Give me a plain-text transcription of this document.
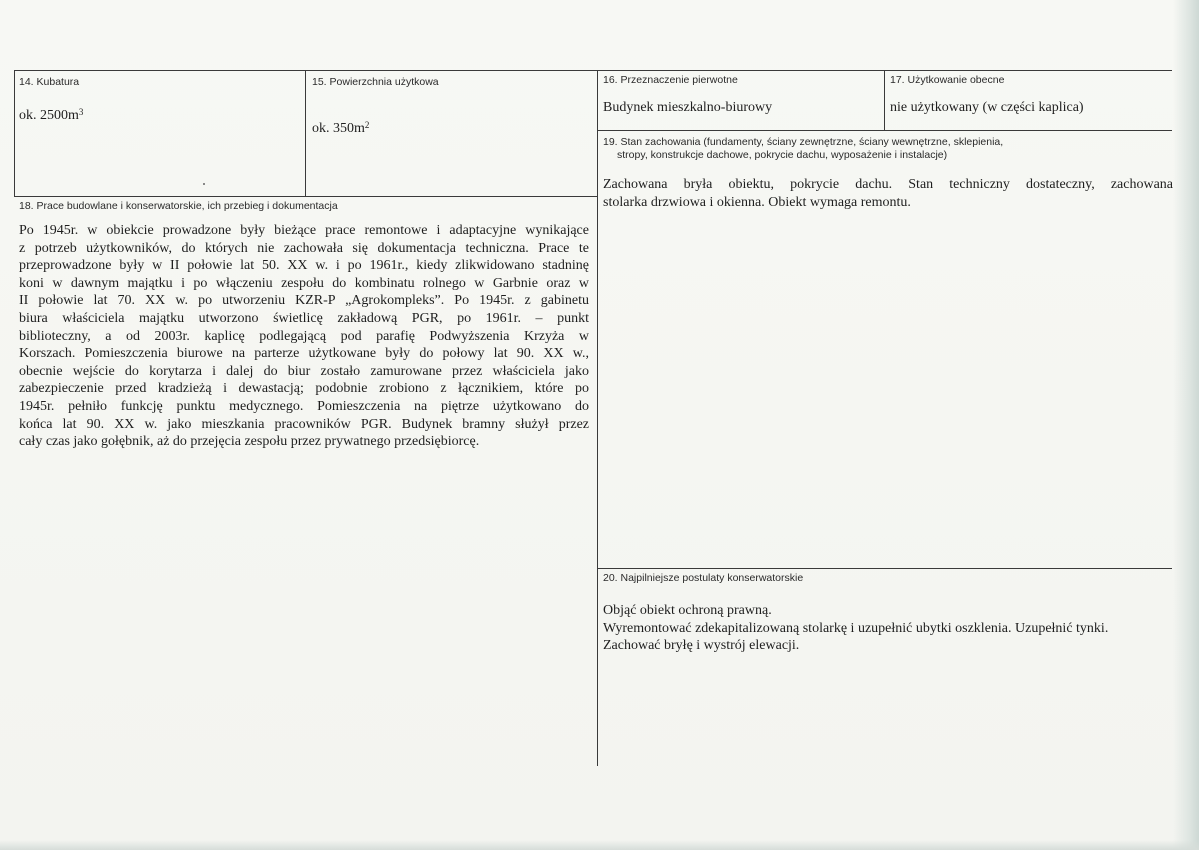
14. Kubatura
ok. $2500m^3$
15. Powierzchnia użytkowa
ok. $350m^2$
16. Przeznaczenie pierwotne
Budynek mieszkalno-biurowy
17. Użytkowanie obecne
nie użytkowany (w części kaplica)
19. Stan zachowania (fundamenty, ściany zewnętrzne, ściany wewnętrzne, sklepienia,
stropy, konstrukcje dachowe, pokrycie dachu, wyposażenie i instalacje)
Zachowana bryła obiektu, pokrycie dachu. Stan techniczny dostateczny, zachowana
stolarka drzwiowa i okienna. Obiekt wymaga remontu.
18. Prace budowlane i konserwatorskie, ich przebieg i dokumentacja
Po 1945r. w obiekcie prowadzone były bieżące prace remontowe i adaptacyjne wynikające
z potrzeb użytkowników, do których nie zachowała się dokumentacja techniczna. Prace te
przeprowadzone były w II połowie lat 50. XX w. i po 1961r., kiedy zlikwidowano stadninę
koni w dawnym majątku i po włączeniu zespołu do kombinatu rolnego w Garbnie oraz w
II połowie lat 70. XX w. po utworzeniu KZR-P „Agrokompleks”. Po 1945r. z gabinetu
biura właściciela majątku utworzono świetlicę zakładową PGR, po 1961r. – punkt
biblioteczny, a od 2003r. kaplicę podlegającą pod parafię Podwyższenia Krzyża w
Korszach. Pomieszczenia biurowe na parterze użytkowane były do połowy lat 90. XX w.,
obecnie wejście do korytarza i dalej do biur zostało zamurowane przez właściciela jako
zabezpieczenie przed kradzieżą i dewastacją; podobnie zrobiono z łącznikiem, które po
1945r. pełniło funkcję punktu medycznego. Pomieszczenia na piętrze użytkowano do
końca lat 90. XX w. jako mieszkania pracowników PGR. Budynek bramny służył przez
cały czas jako gołębnik, aż do przejęcia zespołu przez prywatnego przedsiębiorcę.
20. Najpilniejsze postulaty konserwatorskie
Objąć obiekt ochroną prawną.
Wyremontować zdekapitalizowaną stolarkę i uzupełnić ubytki oszklenia. Uzupełnić tynki.
Zachować bryłę i wystrój elewacji.
